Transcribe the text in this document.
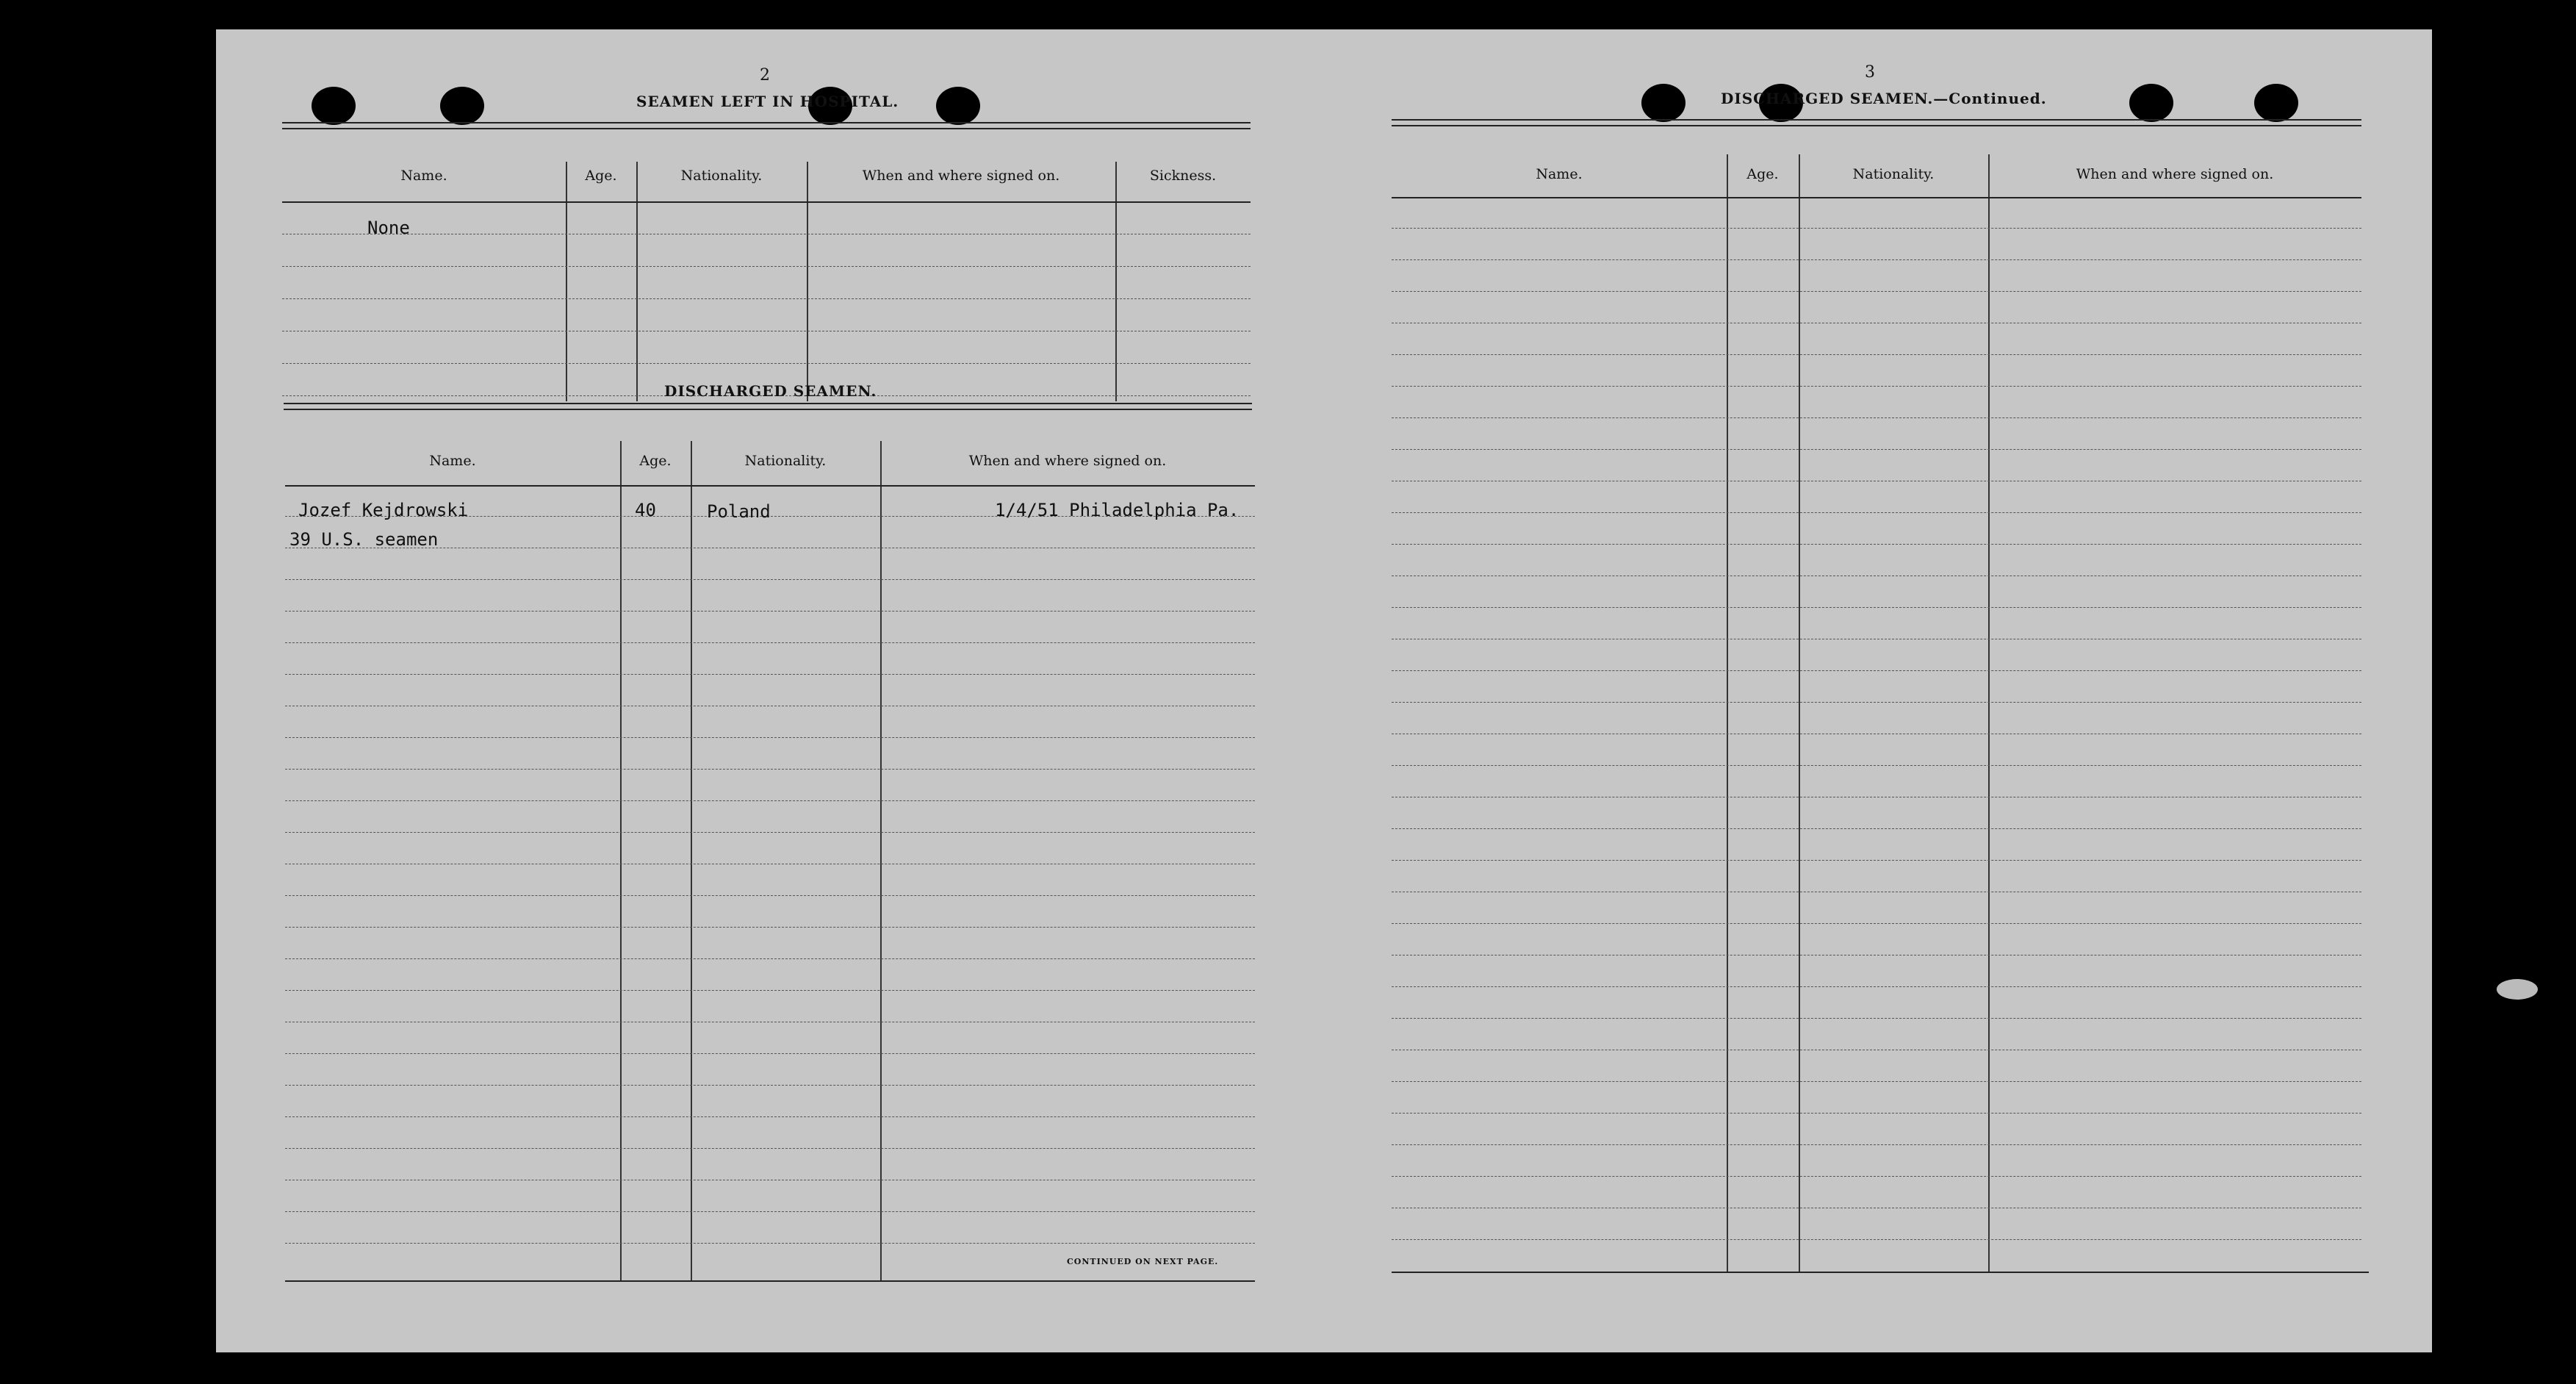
2
SEAMEN LEFT IN HOSPITAL.
Name.	Age.	Nationality.	When and where signed on.	Sickness.
None
DISCHARGED SEAMEN.
Name.	Age.	Nationality.	When and where signed on.
Jozef Kejdrowski	40	Poland	1/4/51 Philadelphia Pa.
39 U.S. seamen
CONTINUED ON NEXT PAGE.
3
DISCHARGED SEAMEN.—Continued.
Name.	Age.	Nationality.	When and where signed on.
